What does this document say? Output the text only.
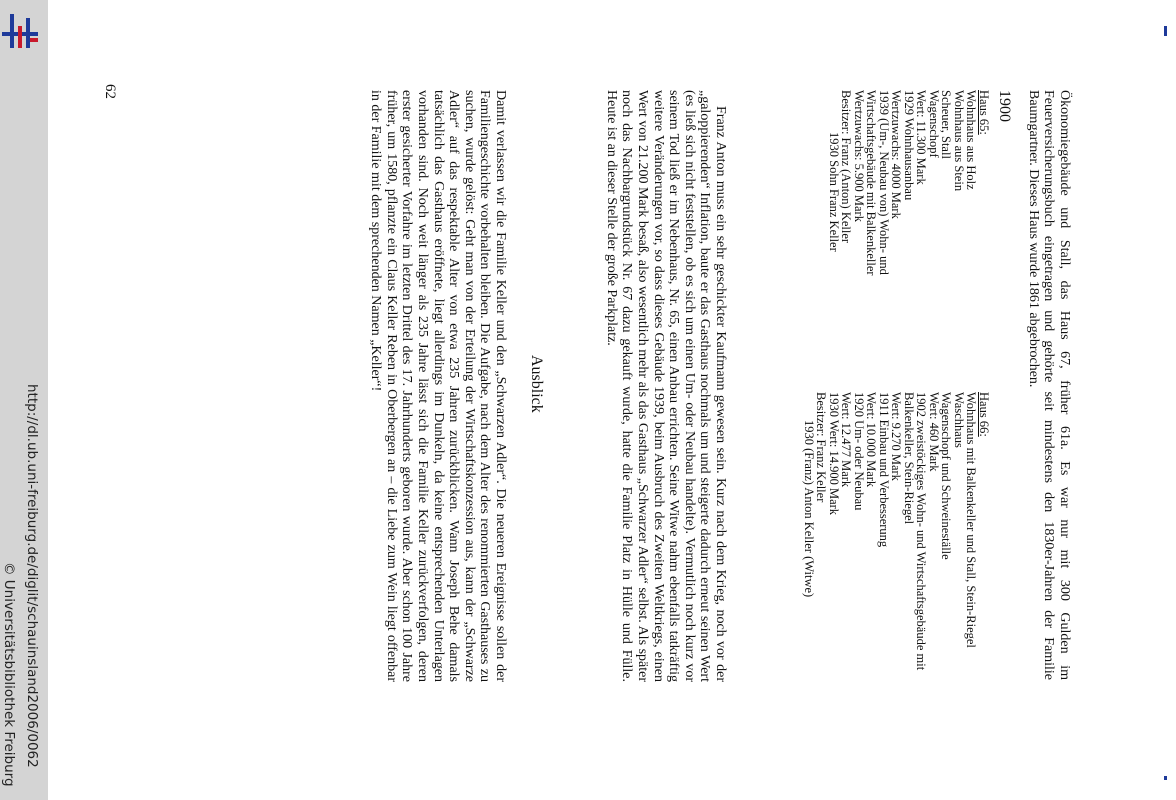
http://dl.ub.uni-freiburg.de/diglit/schauinsland2006/0062
© Universitätsbibliothek Freiburg
62	Ökonomiegebäude und Stall, das Haus 67, früher 61a. Es war nur mit 300 Gulden im Feuerversicherungsbuch eingetragen und gehörte seit mindestens den 1830er-Jahren der Familie Baumgartner. Dieses Haus wurde 1861 abgebrochen.

1900
Haus 65:
Wohnhaus aus Holz
Wohnhaus aus Stein
Scheuer, Stall
Wagenschopf
Wert: 11.300 Mark
1929 Wohnhausanbau
Wertzuwachs: 4000 Mark
1939 (Um-, Neubau von) Wohn- und
Wirtschaftsgebäude mit Balkenkeller
Wertzuwachs: 5.900 Mark
Besitzer: Franz (Anton) Keller
1930 Sohn Franz Keller
Haus 66:
Wohnhaus mit Balkenkeller und Stall, Stein-Riegel
Waschhaus
Wagenschopf und Schweineställe
Wert: 460 Mark
1902 zweistöckiges Wohn- und Wirtschaftsgebäude mit
Balkenkeller, Stein-Riegel
Wert: 9.270 Mark
1911 Einbau und Verbesserung
Wert: 10.000 Mark
1920 Um- oder Neubau
Wert: 12.477 Mark
1930 Wert: 14.900 Mark
Besitzer: Franz Keller
1930 (Franz) Anton Keller (Witwe)

Franz Anton muss ein sehr geschickter Kaufmann gewesen sein. Kurz nach dem Krieg, noch vor der „galoppierenden“ Inflation, baute er das Gasthaus nochmals um und steigerte dadurch erneut seinen Wert (es ließ sich nicht feststellen, ob es sich um einen Um- oder Neubau handelte). Vermutlich noch kurz vor seinem Tod ließ er im Nebenhaus, Nr. 65, einen Anbau errichten. Seine Witwe nahm ebenfalls tatkräftig weitere Veränderungen vor, so dass dieses Gebäude 1939, beim Ausbruch des Zweiten Weltkriegs, einen Wert von 21.200 Mark besaß, also wesentlich mehr als das Gasthaus „Schwarzer Adler“ selbst. Als später noch das Nachbargrundstück Nr. 67 dazu gekauft wurde, hatte die Familie Platz in Hülle und Fülle. Heute ist an dieser Stelle der große Parkplatz.

Ausblick

Damit verlassen wir die Familie Keller und den „Schwarzen Adler“. Die neueren Ereignisse sollen der Familiengeschichte vorbehalten bleiben. Die Aufgabe, nach dem Alter des renommierten Gasthauses zu suchen, wurde gelöst: Geht man von der Erteilung der Wirtschaftskonzession aus, kann der „Schwarze Adler“ auf das respektable Alter von etwa 235 Jahren zurückblicken. Wann Joseph Behe damals tatsächlich das Gasthaus eröffnete, liegt allerdings im Dunkeln, da keine entsprechenden Unterlagen vorhanden sind. Noch weit länger als 235 Jahre lässt sich die Familie Keller zurückverfolgen, deren erster gesicherter Vorfahre im letzten Drittel des 17. Jahrhunderts geboren wurde. Aber schon 100 Jahre früher, um 1580, pflanzte ein Claus Keller Reben in Oberbergen an – die Liebe zum Wein liegt offenbar in der Familie mit dem sprechenden Namen „Keller“!
